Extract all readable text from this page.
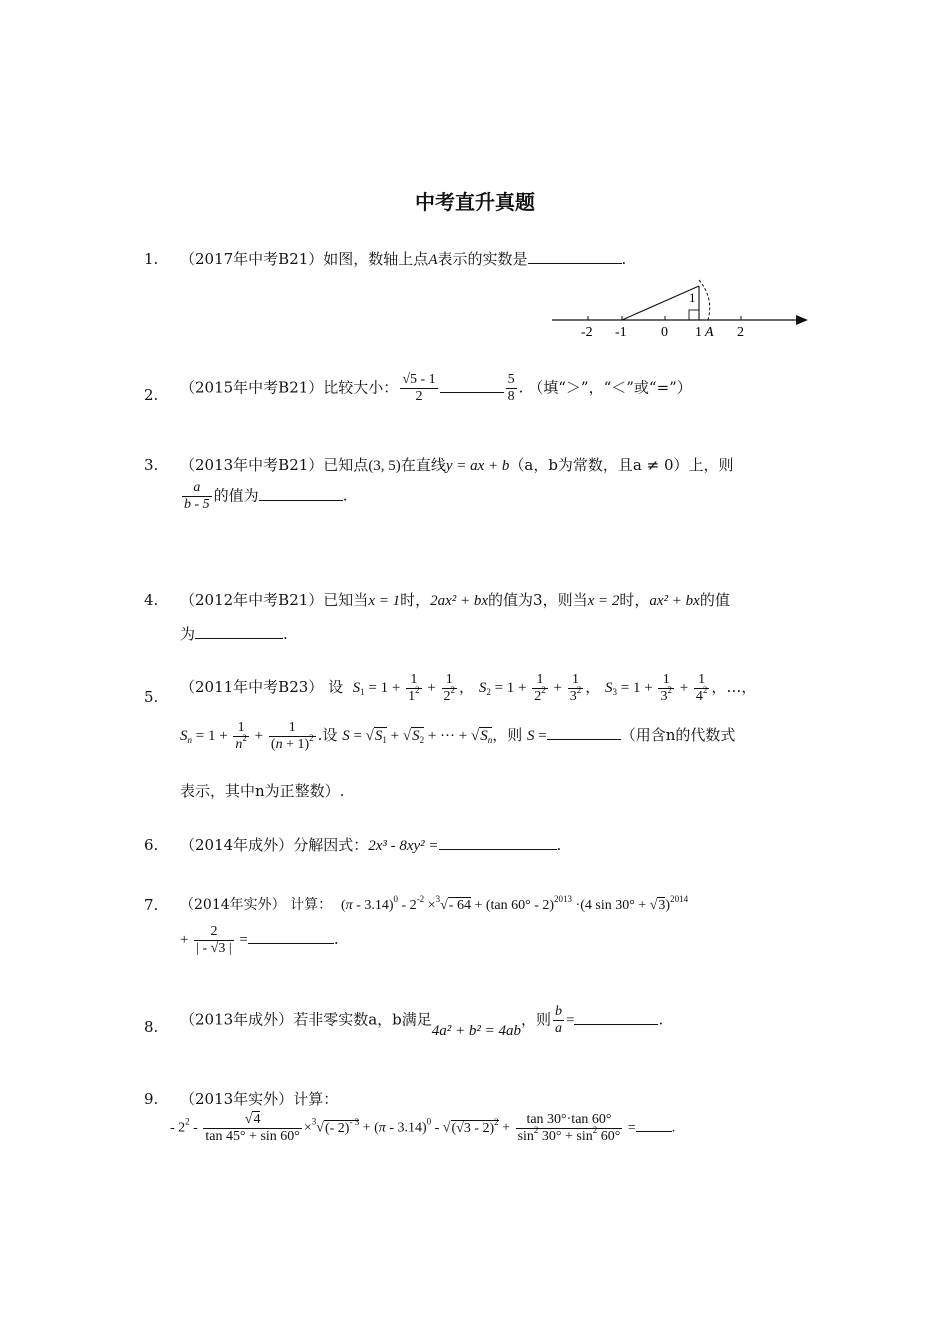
中考直升真题
1. （2017年中考B21）如图，数轴上点A表示的实数是	.
-2 -1 0 1 A 2
1
2. （2015年中考B21）比较大小： $\frac{√5 - 1}{2}$	$\frac{5}{8}$ . （填“＞”，“＜”或“=”）
3. （2013年中考B21）已知点(3, 5)在直线y = ax + b（a，b为常数，且a ≠ 0）上，则
$\frac{a}{b - 5}$ 的值为	.
4. （2012年中考B21）已知当x = 1时，2ax² + bx的值为3，则当x = 2时，ax² + bx的值
为	.
5.
（2011年中考B23） 设 $S_1 = 1 + \frac{1}{1^2} + \frac{1}{2^2}$ ， $S_2 = 1 + \frac{1}{2^2} + \frac{1}{3^2}$ ， $S_3 = 1 + \frac{1}{3^2} + \frac{1}{4^2}$ ，…，
$S_n = 1 + \frac{1}{n^2} + \frac{1}{(n + 1)^2}$ .设 $S = √S_1 + √S_2$ + ··· + $√S_n$，则 S =	（用含n的代数式
表示，其中n为正整数）.
6. （2014年成外）分解因式：2x³ - 8xy² =	.
7. （2014年实外） 计算： $(\pi - 3.14)^0 - 2^{-2} \times^3√-$ 64 + (tan 60° - 2)$^{2013}$ ·(4 sin 30° + √3)$^{2014}$
+ $\frac{2}{| - √3 |}$ =	.
8. （2013年成外）若非零实数a，b满足4a² + b² = 4ab，则 $\frac{b}{a}$ =	.
9. （2013年实外）计算：
- $2^2 - \frac{√4}{\tan 45^\circ + \sin 60^\circ} \times^3√(-$ $2)^{- 3} + (\pi - 3.14)^0 - √(√3 - 2)^2 + \frac{\tan 30^\circ\cdot\tan 60^\circ}{\sin^2 30^\circ + \sin^2 60^\circ}$ =	.
